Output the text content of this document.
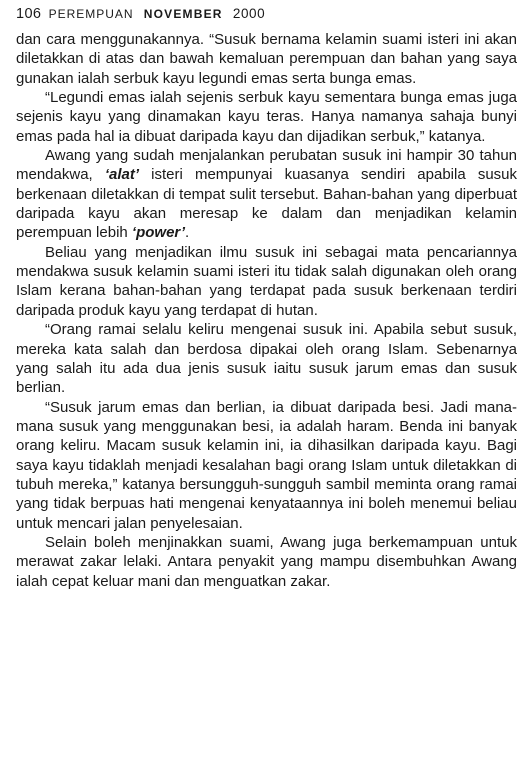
106 PEREMPUAN NOVEMBER 2000

dan cara menggunakannya. “Susuk bernama kelamin suami isteri ini akan diletakkan di atas dan bawah kemaluan perempuan dan bahan yang saya gunakan ialah serbuk kayu legundi emas serta bunga emas.

“Legundi emas ialah sejenis serbuk kayu sementara bunga emas juga sejenis kayu yang dinamakan kayu teras. Hanya namanya sahaja bunyi emas pada hal ia dibuat daripada kayu dan dijadikan serbuk,” katanya.

Awang yang sudah menjalankan perubatan susuk ini hampir 30 tahun mendakwa, ‘alat’ isteri mempunyai kuasanya sendiri apabila susuk berkenaan diletakkan di tempat sulit tersebut. Bahan-bahan yang diperbuat daripada kayu akan meresap ke dalam dan menjadikan kelamin perempuan lebih ‘power’.

Beliau yang menjadikan ilmu susuk ini sebagai mata pencariannya mendakwa susuk kelamin suami isteri itu tidak salah digunakan oleh orang Islam kerana bahan-bahan yang terdapat pada susuk berkenaan terdiri daripada produk kayu yang terdapat di hutan.

“Orang ramai selalu keliru mengenai susuk ini. Apabila sebut susuk, mereka kata salah dan berdosa dipakai oleh orang Islam. Sebenarnya yang salah itu ada dua jenis susuk iaitu susuk jarum emas dan susuk berlian.

“Susuk jarum emas dan berlian, ia dibuat daripada besi. Jadi mana-mana susuk yang menggunakan besi, ia adalah haram. Benda ini banyak orang keliru. Macam susuk kelamin ini, ia dihasilkan daripada kayu. Bagi saya kayu tidaklah menjadi kesalahan bagi orang Islam untuk diletakkan di tubuh mereka,” katanya bersungguh-sungguh sambil meminta orang ramai yang tidak berpuas hati mengenai kenyataannya ini boleh menemui beliau untuk mencari jalan penyelesaian.

Selain boleh menjinakkan suami, Awang juga berkemampuan untuk merawat zakar lelaki. Antara penyakit yang mampu disembuhkan Awang ialah cepat keluar mani dan menguatkan zakar.
